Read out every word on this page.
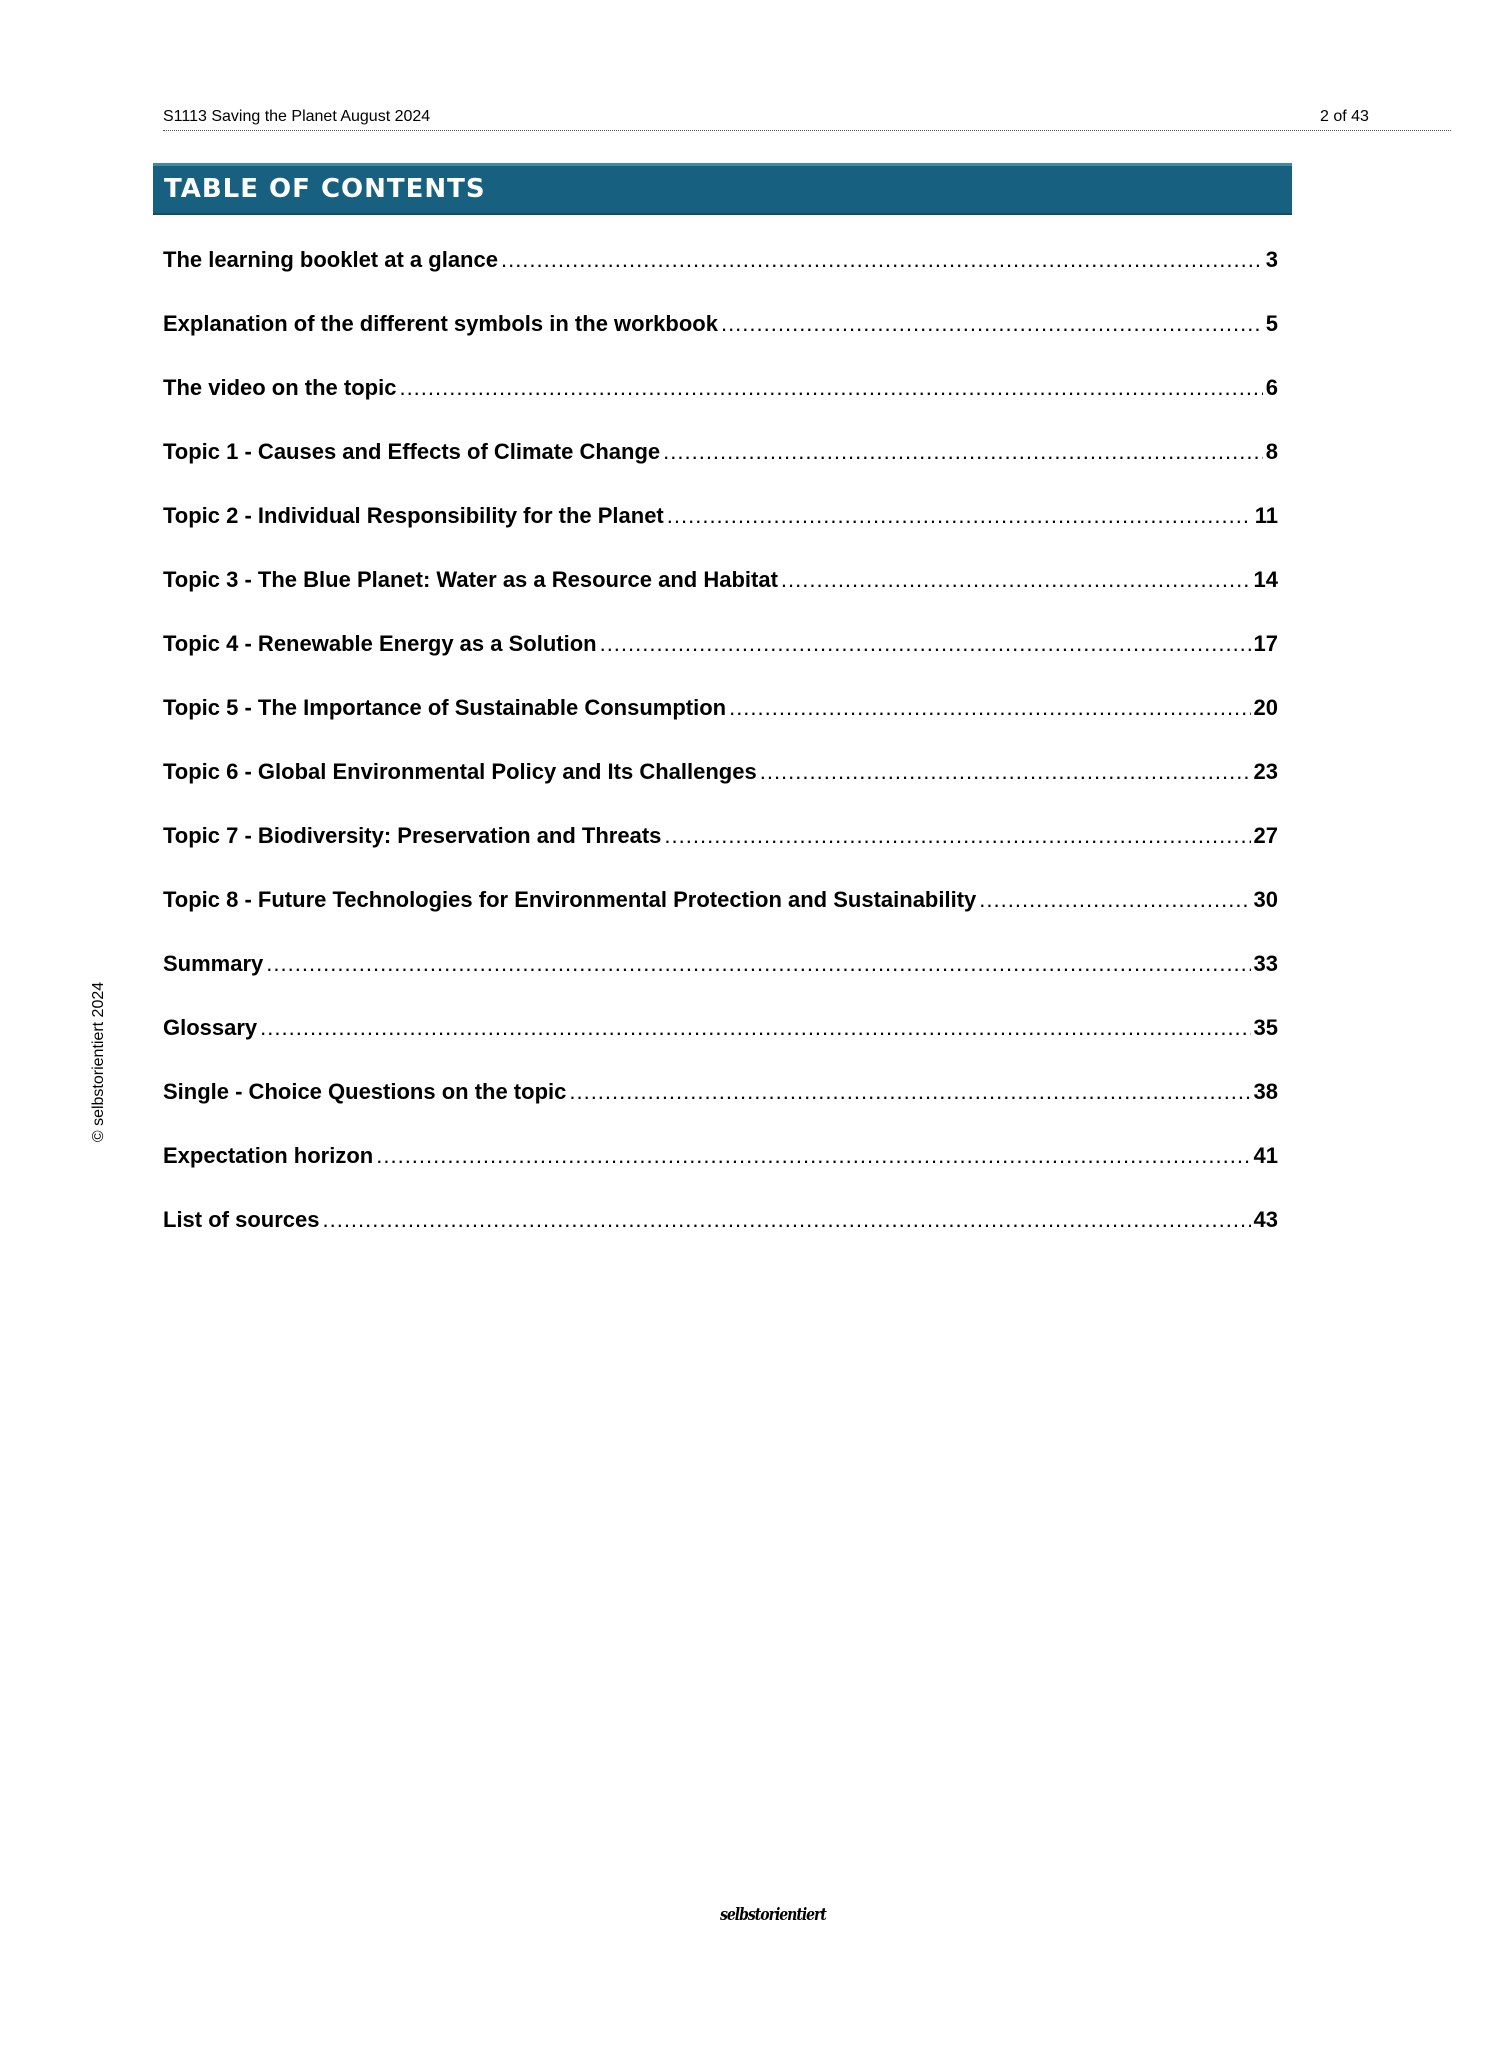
S1113 Saving the Planet August 2024	2 of 43
TABLE OF CONTENTS
The learning booklet at a glance .....	3
Explanation of the different symbols in the workbook .....	5
The video on the topic .....	6
Topic 1 - Causes and Effects of Climate Change .....	8
Topic 2 - Individual Responsibility for the Planet .....	11
Topic 3 - The Blue Planet: Water as a Resource and Habitat .....	14
Topic 4 - Renewable Energy as a Solution .....	17
Topic 5 - The Importance of Sustainable Consumption .....	20
Topic 6 - Global Environmental Policy and Its Challenges .....	23
Topic 7 - Biodiversity: Preservation and Threats .....	27
Topic 8 - Future Technologies for Environmental Protection and Sustainability .....	30
Summary .....	33
Glossary .....	35
Single - Choice Questions on the topic .....	38
Expectation horizon .....	41
List of sources .....	43
© selbstorientiert 2024
selbstorientiert
